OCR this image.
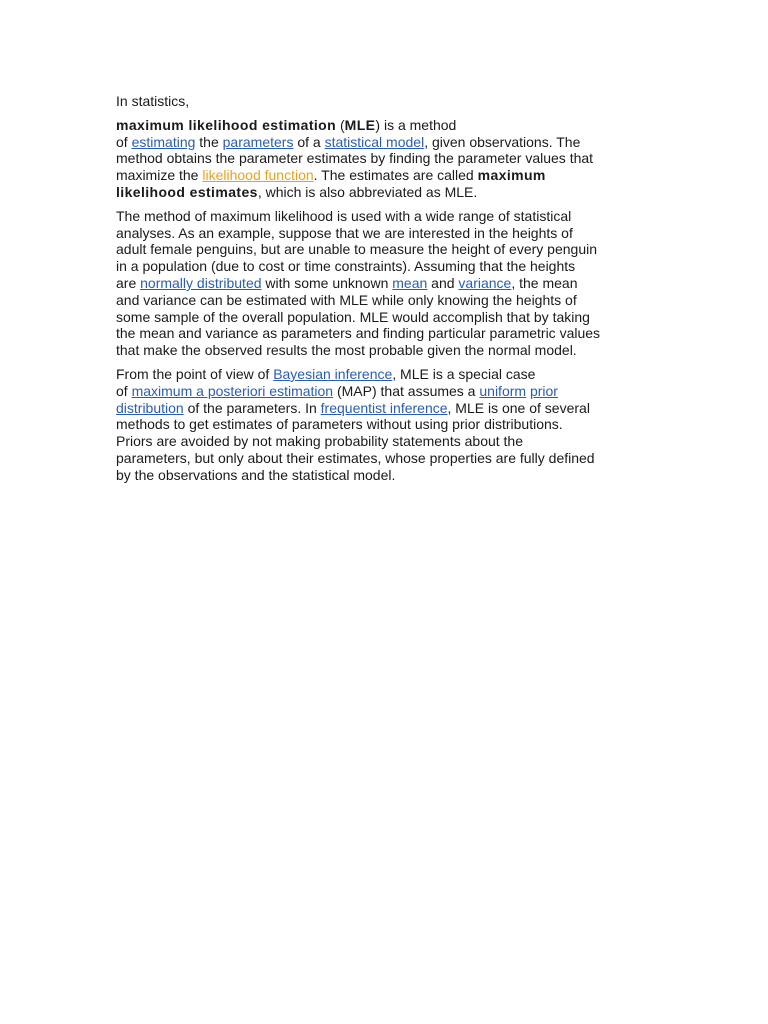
In statistics,

maximum likelihood estimation (MLE) is a method
of estimating the parameters of a statistical model, given observations. The
method obtains the parameter estimates by finding the parameter values that
maximize the likelihood function. The estimates are called maximum
likelihood estimates, which is also abbreviated as MLE.

The method of maximum likelihood is used with a wide range of statistical
analyses. As an example, suppose that we are interested in the heights of
adult female penguins, but are unable to measure the height of every penguin
in a population (due to cost or time constraints). Assuming that the heights
are normally distributed with some unknown mean and variance, the mean
and variance can be estimated with MLE while only knowing the heights of
some sample of the overall population. MLE would accomplish that by taking
the mean and variance as parameters and finding particular parametric values
that make the observed results the most probable given the normal model.

From the point of view of Bayesian inference, MLE is a special case
of maximum a posteriori estimation (MAP) that assumes a uniform prior
distribution of the parameters. In frequentist inference, MLE is one of several
methods to get estimates of parameters without using prior distributions.
Priors are avoided by not making probability statements about the
parameters, but only about their estimates, whose properties are fully defined
by the observations and the statistical model.
